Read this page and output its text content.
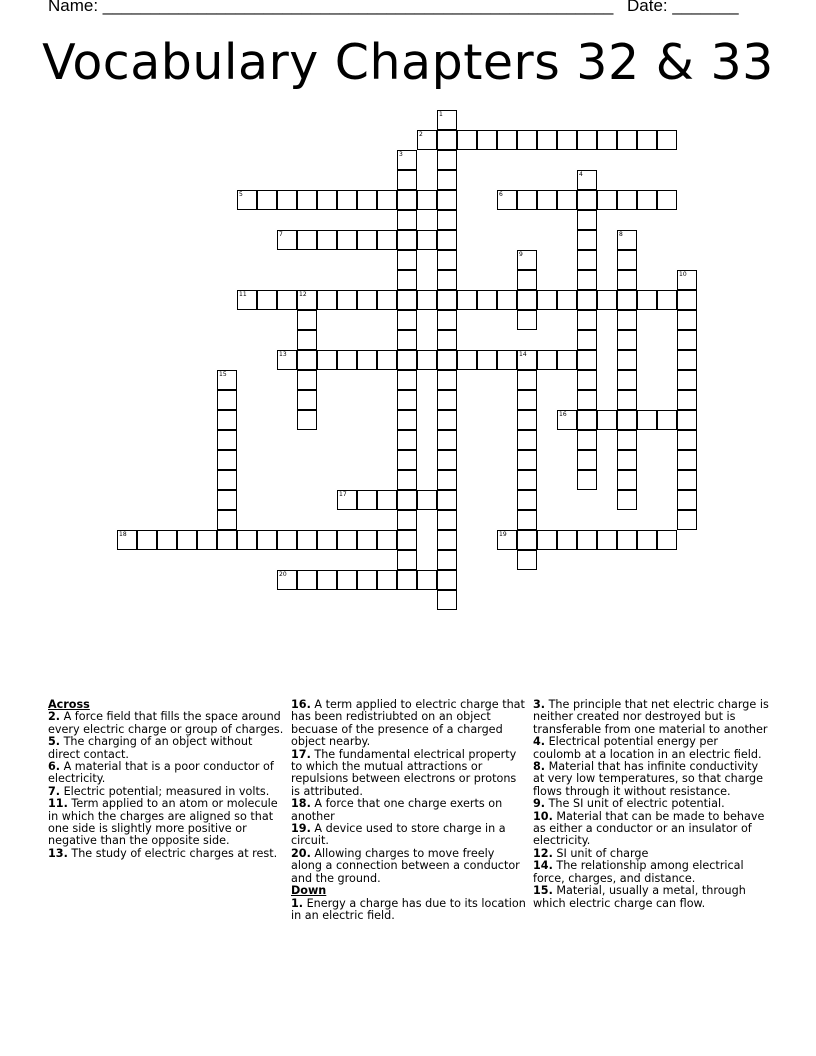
Name: ______________________________________________________ Date: _______
Vocabulary Chapters 32 & 33
1
2
3
4
5	6
7	8
9
10
11	12
13	14
15
16
17
18	19
20
Across
2. A force field that fills the space around every electric charge or group of charges.
5. The charging of an object without direct contact.
6. A material that is a poor conductor of electricity.
7. Electric potential; measured in volts.
11. Term applied to an atom or molecule in which the charges are aligned so that one side is slightly more positive or negative than the opposite side.
13. The study of electric charges at rest.
16. A term applied to electric charge that has been redistriubted on an object becuase of the presence of a charged object nearby.
17. The fundamental electrical property to which the mutual attractions or repulsions between electrons or protons is attributed.
18. A force that one charge exerts on another
19. A device used to store charge in a circuit.
20. Allowing charges to move freely along a connection between a conductor and the ground.
Down
1. Energy a charge has due to its location in an electric field.
3. The principle that net electric charge is neither created nor destroyed but is transferable from one material to another
4. Electrical potential energy per coulomb at a location in an electric field.
8. Material that has infinite conductivity at very low temperatures, so that charge flows through it without resistance.
9. The SI unit of electric potential.
10. Material that can be made to behave as either a conductor or an insulator of electricity.
12. SI unit of charge
14. The relationship among electrical force, charges, and distance.
15. Material, usually a metal, through which electric charge can flow.
